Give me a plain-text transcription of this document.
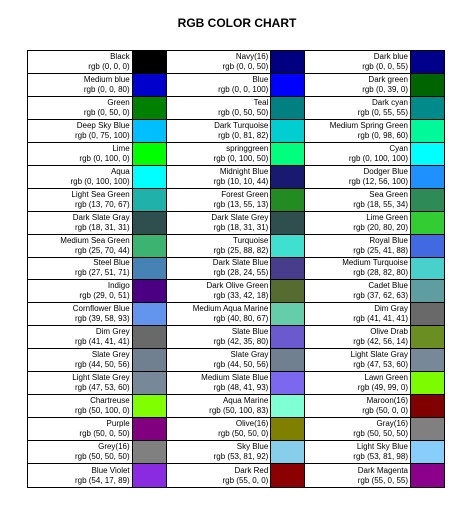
RGB COLOR CHART
Black
rgb (0, 0, 0)
Navy(16)
rgb (0, 0, 50)
Dark blue
rgb (0, 0, 55)
Medium blue
rgb (0, 0, 80)
Blue
rgb (0, 0, 100)
Dark green
rgb (0, 39, 0)
Green
rgb (0, 50, 0)
Teal
rgb (0, 50, 50)
Dark cyan
rgb (0, 55, 55)
Deep Sky Blue
rgb (0, 75, 100)
Dark Turquoise
rgb (0, 81, 82)
Medium Spring Green
rgb (0, 98, 60)
Lime
rgb (0, 100, 0)
springgreen
rgb (0, 100, 50)
Cyan
rgb (0, 100, 100)
Aqua
rgb (0, 100, 100)
Midnight Blue
rgb (10, 10, 44)
Dodger Blue
rgb (12, 56, 100)
Light Sea Green
rgb (13, 70, 67)
Forest Green
rgb (13, 55, 13)
Sea Green
rgb (18, 55, 34)
Dark Slate Gray
rgb (18, 31, 31)
Dark Slate Grey
rgb (18, 31, 31)
Lime Green
rgb (20, 80, 20)
Medium Sea Green
rgb (25, 70, 44)
Turquoise
rgb (25, 88, 82)
Royal Blue
rgb (25, 41, 88)
Steel Blue
rgb (27, 51, 71)
Dark Slate Blue
rgb (28, 24, 55)
Medium Turquoise
rgb (28, 82, 80)
Indigo
rgb (29, 0, 51)
Dark Olive Green
rgb (33, 42, 18)
Cadet Blue
rgb (37, 62, 63)
Cornflower Blue
rgb (39, 58, 93)
Medium Aqua Marine
rgb (40, 80, 67)
Dim Gray
rgb (41, 41, 41)
Dim Grey
rgb (41, 41, 41)
Slate Blue
rgb (42, 35, 80)
Olive Drab
rgb (42, 56, 14)
Slate Grey
rgb (44, 50, 56)
Slate Gray
rgb (44, 50, 56)
Light Slate Gray
rgb (47, 53, 60)
Light Slate Grey
rgb (47, 53, 60)
Medium Slate Blue
rgb (48, 41, 93)
Lawn Green
rgb (49, 99, 0)
Chartreuse
rgb (50, 100, 0)
Aqua Marine
rgb (50, 100, 83)
Maroon(16)
rgb (50, 0, 0)
Purple
rgb (50, 0, 50)
Olive(16)
rgb (50, 50, 0)
Gray(16)
rgb (50, 50, 50)
Grey(16)
rgb (50, 50, 50)
Sky Blue
rgb (53, 81, 92)
Light Sky Blue
rgb (53, 81, 98)
Blue Violet
rgb (54, 17, 89)
Dark Red
rgb (55, 0, 0)
Dark Magenta
rgb (55, 0, 55)
